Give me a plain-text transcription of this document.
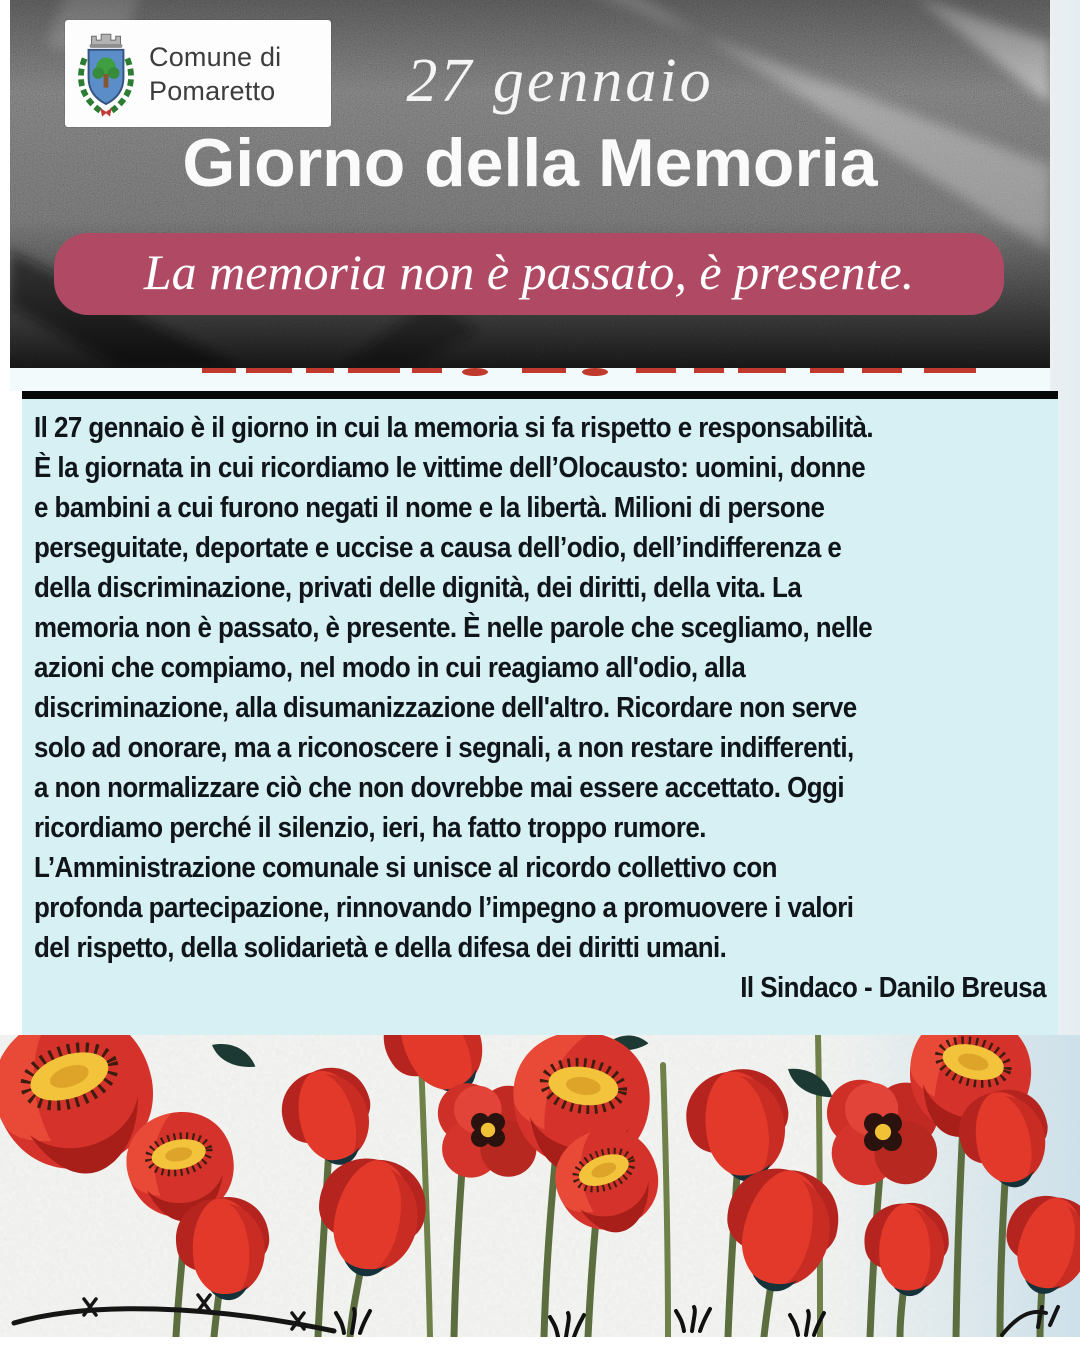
Comune di
Pomaretto	27 gennaio
Giorno della Memoria
La memoria non è passato, è presente.
Il 27 gennaio è il giorno in cui la memoria si fa rispetto e responsabilità.
È la giornata in cui ricordiamo le vittime dell’Olocausto: uomini, donne
e bambini a cui furono negati il nome e la libertà. Milioni di persone
perseguitate, deportate e uccise a causa dell’odio, dell’indifferenza e
della discriminazione, privati delle dignità, dei diritti, della vita. La
memoria non è passato, è presente. È nelle parole che scegliamo, nelle
azioni che compiamo, nel modo in cui reagiamo all'odio, alla
discriminazione, alla disumanizzazione dell'altro. Ricordare non serve
solo ad onorare, ma a riconoscere i segnali, a non restare indifferenti,
a non normalizzare ciò che non dovrebbe mai essere accettato. Oggi
ricordiamo perché il silenzio, ieri, ha fatto troppo rumore.
L’Amministrazione comunale si unisce al ricordo collettivo con
profonda partecipazione, rinnovando l’impegno a promuovere i valori
del rispetto, della solidarietà e della difesa dei diritti umani.
Il Sindaco - Danilo Breusa
